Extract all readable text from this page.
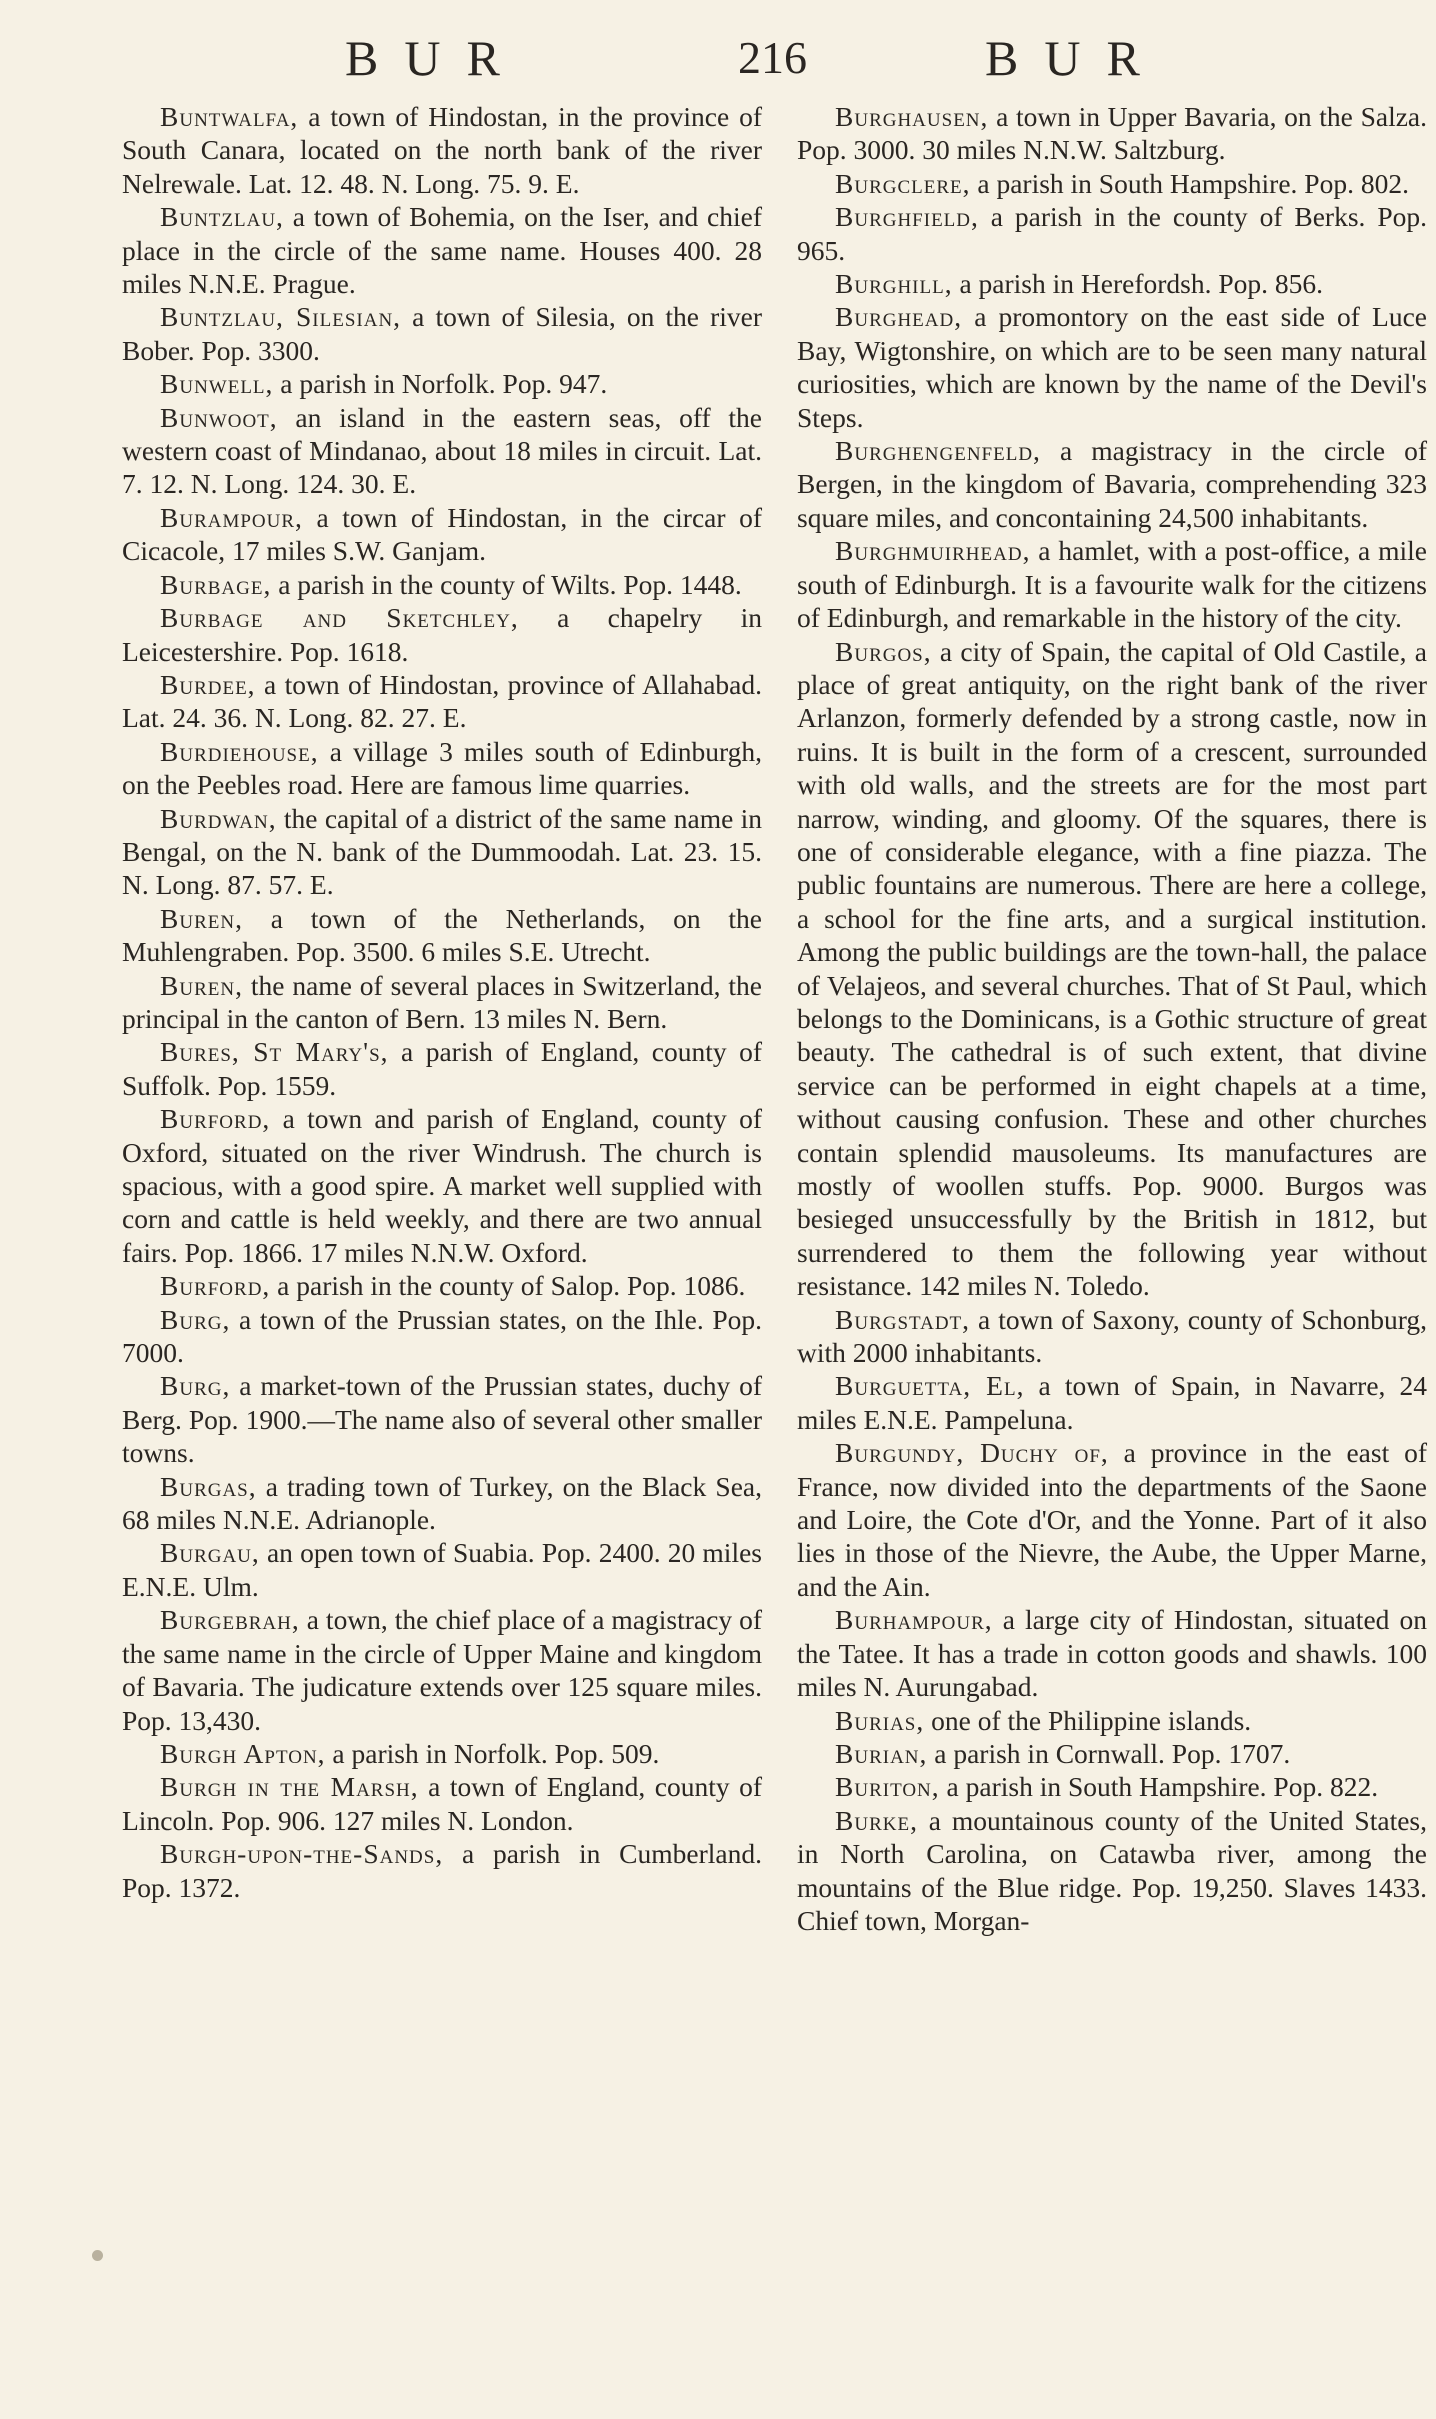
BUR	216	BUR

Buntwalfa, a town of Hindostan, in the province of South Canara, located on the north bank of the river Nelrewale. Lat. 12. 48. N. Long. 75. 9. E.

Buntzlau, a town of Bohemia, on the Iser, and chief place in the circle of the same name. Houses 400. 28 miles N.N.E. Prague.

Buntzlau, Silesian, a town of Silesia, on the river Bober. Pop. 3300.

Bunwell, a parish in Norfolk. Pop. 947.

Bunwoot, an island in the eastern seas, off the western coast of Mindanao, about 18 miles in circuit. Lat. 7. 12. N. Long. 124. 30. E.

Burampour, a town of Hindostan, in the circar of Cicacole, 17 miles S.W. Ganjam.

Burbage, a parish in the county of Wilts. Pop. 1448.

Burbage and Sketchley, a chapelry in Leicestershire. Pop. 1618.

Burdee, a town of Hindostan, province of Allahabad. Lat. 24. 36. N. Long. 82. 27. E.

Burdiehouse, a village 3 miles south of Edinburgh, on the Peebles road. Here are famous lime quarries.

Burdwan, the capital of a district of the same name in Bengal, on the N. bank of the Dummoodah. Lat. 23. 15. N. Long. 87. 57. E.

Buren, a town of the Netherlands, on the Muhlengraben. Pop. 3500. 6 miles S.E. Utrecht.

Buren, the name of several places in Switzerland, the principal in the canton of Bern. 13 miles N. Bern.

Bures, St Mary's, a parish of England, county of Suffolk. Pop. 1559.

Burford, a town and parish of England, county of Oxford, situated on the river Windrush. The church is spacious, with a good spire. A market well supplied with corn and cattle is held weekly, and there are two annual fairs. Pop. 1866. 17 miles N.N.W. Oxford.

Burford, a parish in the county of Salop. Pop. 1086.

Burg, a town of the Prussian states, on the Ihle. Pop. 7000.

Burg, a market-town of the Prussian states, duchy of Berg. Pop. 1900.—The name also of several other smaller towns.

Burgas, a trading town of Turkey, on the Black Sea, 68 miles N.N.E. Adrianople.

Burgau, an open town of Suabia. Pop. 2400. 20 miles E.N.E. Ulm.

Burgebrah, a town, the chief place of a magistracy of the same name in the circle of Upper Maine and kingdom of Bavaria. The judicature extends over 125 square miles. Pop. 13,430.

Burgh Apton, a parish in Norfolk. Pop. 509.

Burgh in the Marsh, a town of England, county of Lincoln. Pop. 906. 127 miles N. London.

Burgh-upon-the-Sands, a parish in Cumberland. Pop. 1372.

Burghausen, a town in Upper Bavaria, on the Salza. Pop. 3000. 30 miles N.N.W. Saltzburg.

Burgclere, a parish in South Hampshire. Pop. 802.

Burghfield, a parish in the county of Berks. Pop. 965.

Burghill, a parish in Herefordsh. Pop. 856.

Burghead, a promontory on the east side of Luce Bay, Wigtonshire, on which are to be seen many natural curiosities, which are known by the name of the Devil's Steps.

Burghengenfeld, a magistracy in the circle of Bergen, in the kingdom of Bavaria, comprehending 323 square miles, and concontaining 24,500 inhabitants.

Burghmuirhead, a hamlet, with a post-office, a mile south of Edinburgh. It is a favourite walk for the citizens of Edinburgh, and remarkable in the history of the city.

Burgos, a city of Spain, the capital of Old Castile, a place of great antiquity, on the right bank of the river Arlanzon, formerly defended by a strong castle, now in ruins. It is built in the form of a crescent, surrounded with old walls, and the streets are for the most part narrow, winding, and gloomy. Of the squares, there is one of considerable elegance, with a fine piazza. The public fountains are numerous. There are here a college, a school for the fine arts, and a surgical institution. Among the public buildings are the town-hall, the palace of Velajeos, and several churches. That of St Paul, which belongs to the Dominicans, is a Gothic structure of great beauty. The cathedral is of such extent, that divine service can be performed in eight chapels at a time, without causing confusion. These and other churches contain splendid mausoleums. Its manufactures are mostly of woollen stuffs. Pop. 9000. Burgos was besieged unsuccessfully by the British in 1812, but surrendered to them the following year without resistance. 142 miles N. Toledo.

Burgstadt, a town of Saxony, county of Schonburg, with 2000 inhabitants.

Burguetta, El, a town of Spain, in Navarre, 24 miles E.N.E. Pampeluna.

Burgundy, Duchy of, a province in the east of France, now divided into the departments of the Saone and Loire, the Cote d'Or, and the Yonne. Part of it also lies in those of the Nievre, the Aube, the Upper Marne, and the Ain.

Burhampour, a large city of Hindostan, situated on the Tatee. It has a trade in cotton goods and shawls. 100 miles N. Aurungabad.

Burias, one of the Philippine islands.

Burian, a parish in Cornwall. Pop. 1707.

Buriton, a parish in South Hampshire. Pop. 822.

Burke, a mountainous county of the United States, in North Carolina, on Catawba river, among the mountains of the Blue ridge. Pop. 19,250. Slaves 1433. Chief town, Morgan-
